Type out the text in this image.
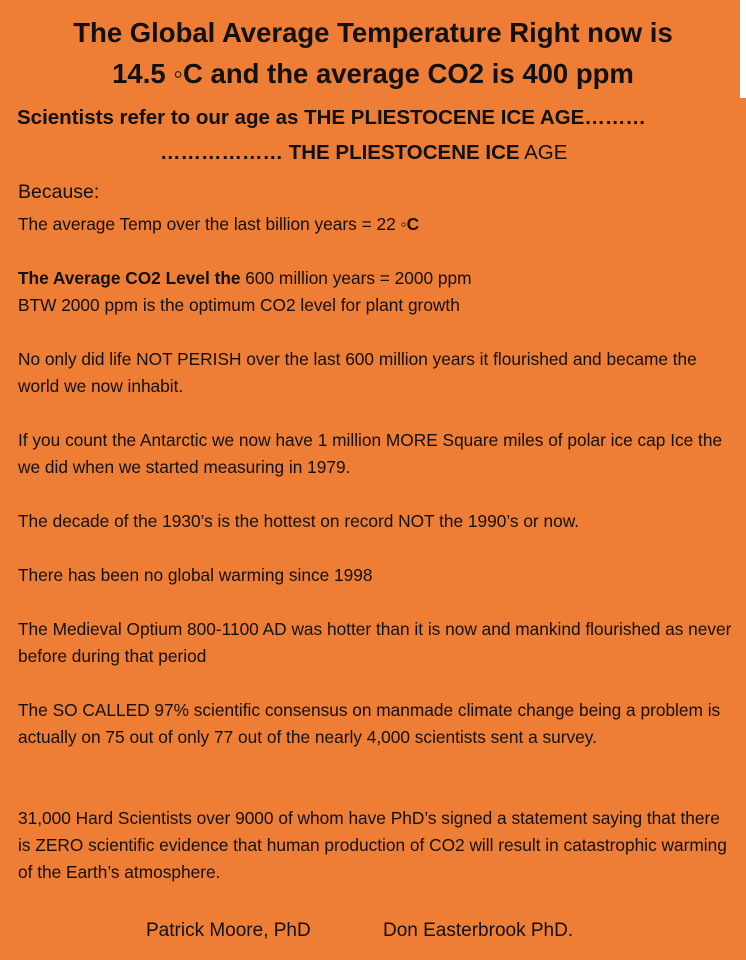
The Global Average Temperature Right now is
14.5 ◦C and the average CO2 is 400 ppm

Scientists refer to our age as THE PLIESTOCENE ICE AGE………

……………… THE PLIESTOCENE ICE AGE

Because:

The average Temp over the last billion years = 22 ◦C

The Average CO2 Level the 600 million years = 2000 ppm

BTW 2000 ppm is the optimum CO2 level for plant growth

No only did life NOT PERISH over the last 600 million years it flourished and became the world we now inhabit.

If you count the Antarctic we now have 1 million MORE Square miles of polar ice cap Ice the we did when we started measuring in 1979.

The decade of the 1930’s is the hottest on record NOT the 1990’s or now.

There has been no global warming since 1998

The Medieval Optium 800-1100 AD was hotter than it is now and mankind flourished as never before during that period

The SO CALLED 97% scientific consensus on manmade climate change being a problem is actually on 75 out of only 77 out of the nearly 4,000 scientists sent a survey.

31,000 Hard Scientists over 9000 of whom have PhD’s signed a statement saying that there is ZERO scientific evidence that human production of CO2 will result in catastrophic warming of the Earth’s atmosphere.

Patrick Moore, PhD	Don Easterbrook PhD.
